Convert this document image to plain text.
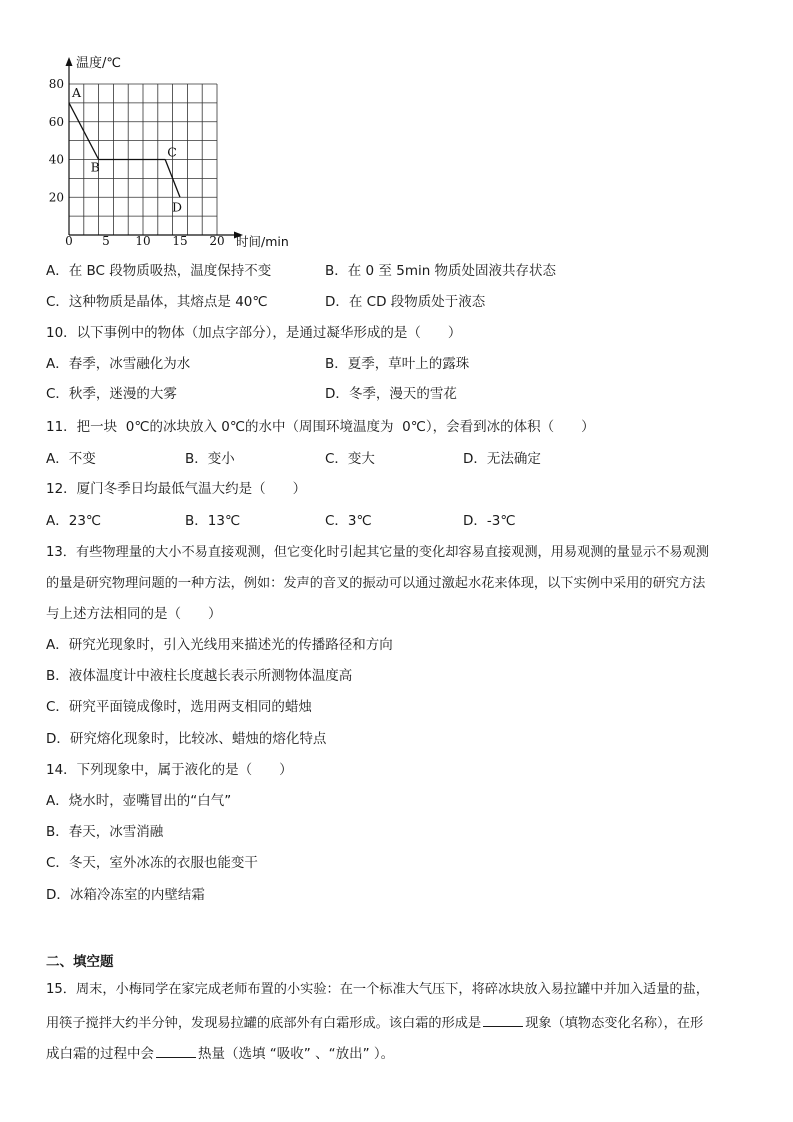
温度/℃
时间/min
0 5 10 15 20
80
60
40
20
A
B
C
D
A．在 BC 段物质吸热，温度保持不变	B．在 0 至 5min 物质处固液共存状态
C．这种物质是晶体，其熔点是 40℃	D．在 CD 段物质处于液态
10．以下事例中的物体（加点字部分），是通过凝华形成的是（　　）
A．春季，冰雪融化为水	B．夏季，草叶上的露珠
C．秋季，迷漫的大雾	D．冬季，漫天的雪花
11．把一块  0℃的冰块放入 0℃的水中（周围环境温度为  0℃），会看到冰的体积（　　）
A．不变	B．变小	C．变大	D．无法确定
12．厦门冬季日均最低气温大约是（　　）
A．23℃	B．13℃	C．3℃	D．-3℃
13．有些物理量的大小不易直接观测，但它变化时引起其它量的变化却容易直接观测，用易观测的量显示不易观测
的量是研究物理问题的一种方法，例如：发声的音叉的振动可以通过激起水花来体现，以下实例中采用的研究方法
与上述方法相同的是（　　）
A．研究光现象时，引入光线用来描述光的传播路径和方向
B．液体温度计中液柱长度越长表示所测物体温度高
C．研究平面镜成像时，选用两支相同的蜡烛
D．研究熔化现象时，比较冰、蜡烛的熔化特点
14．下列现象中，属于液化的是（　　）
A．烧水时，壶嘴冒出的“白气”
B．春天，冰雪消融
C．冬天，室外冰冻的衣服也能变干
D．冰箱冷冻室的内壁结霜
二、填空题
15．周末，小梅同学在家完成老师布置的小实验：在一个标准大气压下，将碎冰块放入易拉罐中并加入适量的盐，
用筷子搅拌大约半分钟，发现易拉罐的底部外有白霜形成。该白霜的形成是	现象（填物态变化名称），在形
成白霜的过程中会	热量（选填 “吸收” 、“放出” ）。
